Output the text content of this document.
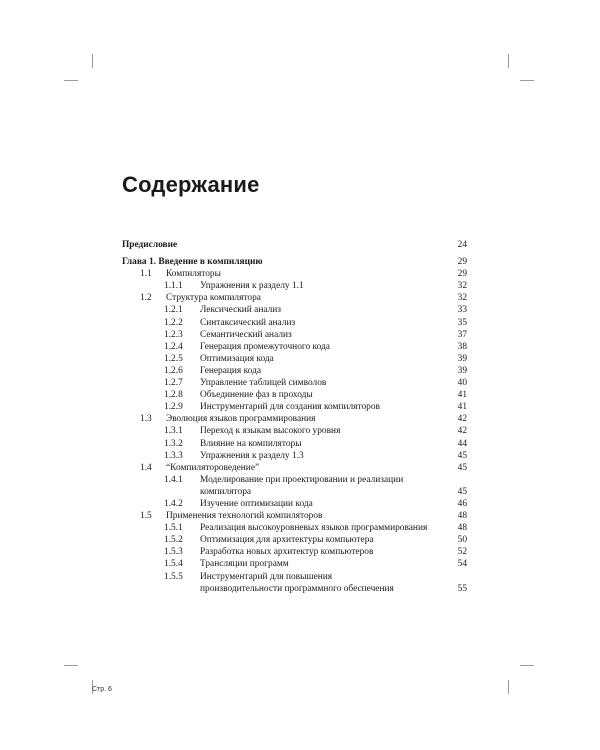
Содержание
Предисловие	24
Глава 1. Введение в компиляцию	29
1.1 Компиляторы	29
1.1.1 Упражнения к разделу 1.1	32
1.2 Структура компилятора	32
1.2.1 Лексический анализ	33
1.2.2 Синтаксический анализ	35
1.2.3 Семантический анализ	37
1.2.4 Генерация промежуточного кода	38
1.2.5 Оптимизация кода	39
1.2.6 Генерация кода	39
1.2.7 Управление таблицей символов	40
1.2.8 Объединение фаз в проходы	41
1.2.9 Инструментарий для создания компиляторов	41
1.3 Эволюция языков программирования	42
1.3.1 Переход к языкам высокого уровня	42
1.3.2 Влияние на компиляторы	44
1.3.3 Упражнения к разделу 1.3	45
1.4 “Компиляторoведение”	45
1.4.1 Моделирование при проектировании и реализации
компилятора	45
1.4.2 Изучение оптимизации кода	46
1.5 Применения технологий компиляторов	48
1.5.1 Реализация высокоуровневых языков программирования	48
1.5.2 Оптимизация для архитектуры компьютера	50
1.5.3 Разработка новых архитектур компьютеров	52
1.5.4 Трансляции программ	54
1.5.5 Инструментарий для повышения
производительности программного обеспечения	55
Стр. 6
